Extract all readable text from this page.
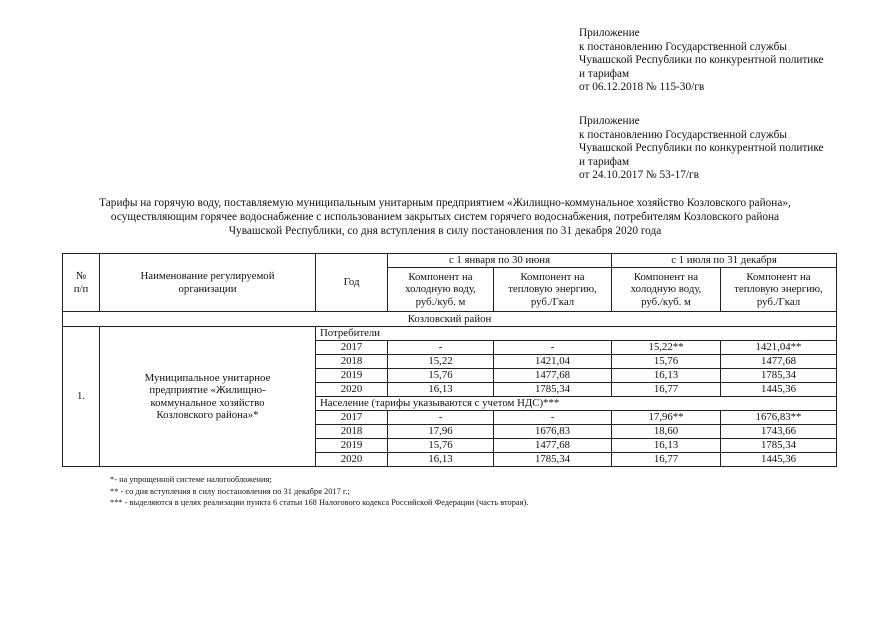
Приложение
к постановлению Государственной службы
Чувашской Республики по конкурентной политике
и тарифам
от 06.12.2018 № 115-30/гв
Приложение
к постановлению Государственной службы
Чувашской Республики по конкурентной политике
и тарифам
от 24.10.2017 № 53-17/гв
Тарифы на горячую воду, поставляемую муниципальным унитарным предприятием «Жилищно-коммунальное хозяйство Козловского района»,
осуществляющим горячее водоснабжение с использованием закрытых систем горячего водоснабжения, потребителям Козловского района
Чувашской Республики, со дня вступления в силу постановления по 31 декабря 2020 года
№
п/п	Наименование регулируемой
организации	Год	с 1 января по 30 июня		с 1 июля по 31 декабря	
			Компонент на
холодную воду,
руб./куб. м	Компонент на
тепловую энергию,
руб./Гкал	Компонент на
холодную воду,
руб./куб. м	Компонент на
тепловую энергию,
руб./Гкал
Козловский район						
1.	Муниципальное унитарное
предприятие «Жилищно-
коммунальное хозяйство
Козловского района»*	Потребители				
		2017	-	-	15,22**	1421,04**
		2018	15,22	1421,04	15,76	1477,68
		2019	15,76	1477,68	16,13	1785,34
		2020	16,13	1785,34	16,77	1445,36
		Население (тарифы указываются с учетом НДС)***				
		2017	-	-	17,96**	1676,83**
		2018	17,96	1676,83	18,60	1743,66
		2019	15,76	1477,68	16,13	1785,34
		2020	16,13	1785,34	16,77	1445,36
*- на упрощенной системе налогообложения;
** - со дня вступления в силу постановления по 31 декабря 2017 г.;
*** - выделяются в целях реализации пункта 6 статьи 168 Налогового кодекса Российской Федерации (часть вторая).
